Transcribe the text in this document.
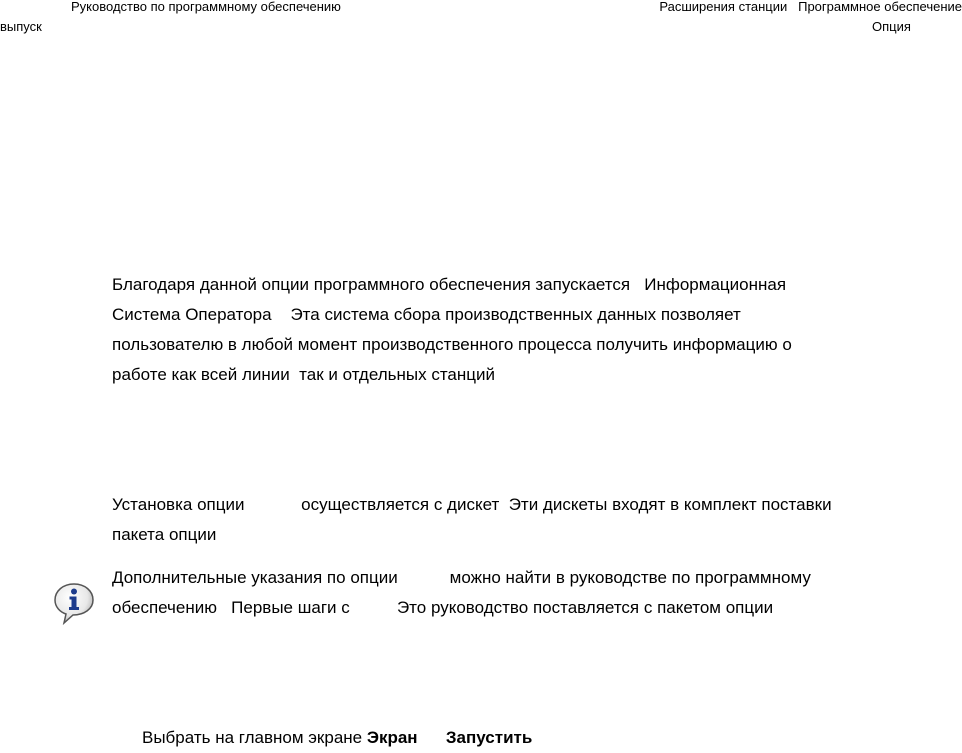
Руководство по программному обеспечению
выпуск
Расширения станции   Программное обеспечение
Опция
Благодаря данной опции программного обеспечения запускается   Информационная
Система Оператора    Эта система сбора производственных данных позволяет
пользователю в любой момент производственного процесса получить информацию о
работе как всей линии  так и отдельных станций
Установка опции            осуществляется с дискет  Эти дискеты входят в комплект поставки
пакета опции
Дополнительные указания по опции           можно найти в руководстве по программному
обеспечению   Первые шаги с          Это руководство поставляется с пакетом опции
Выбрать на главном экране Экран Запустить
